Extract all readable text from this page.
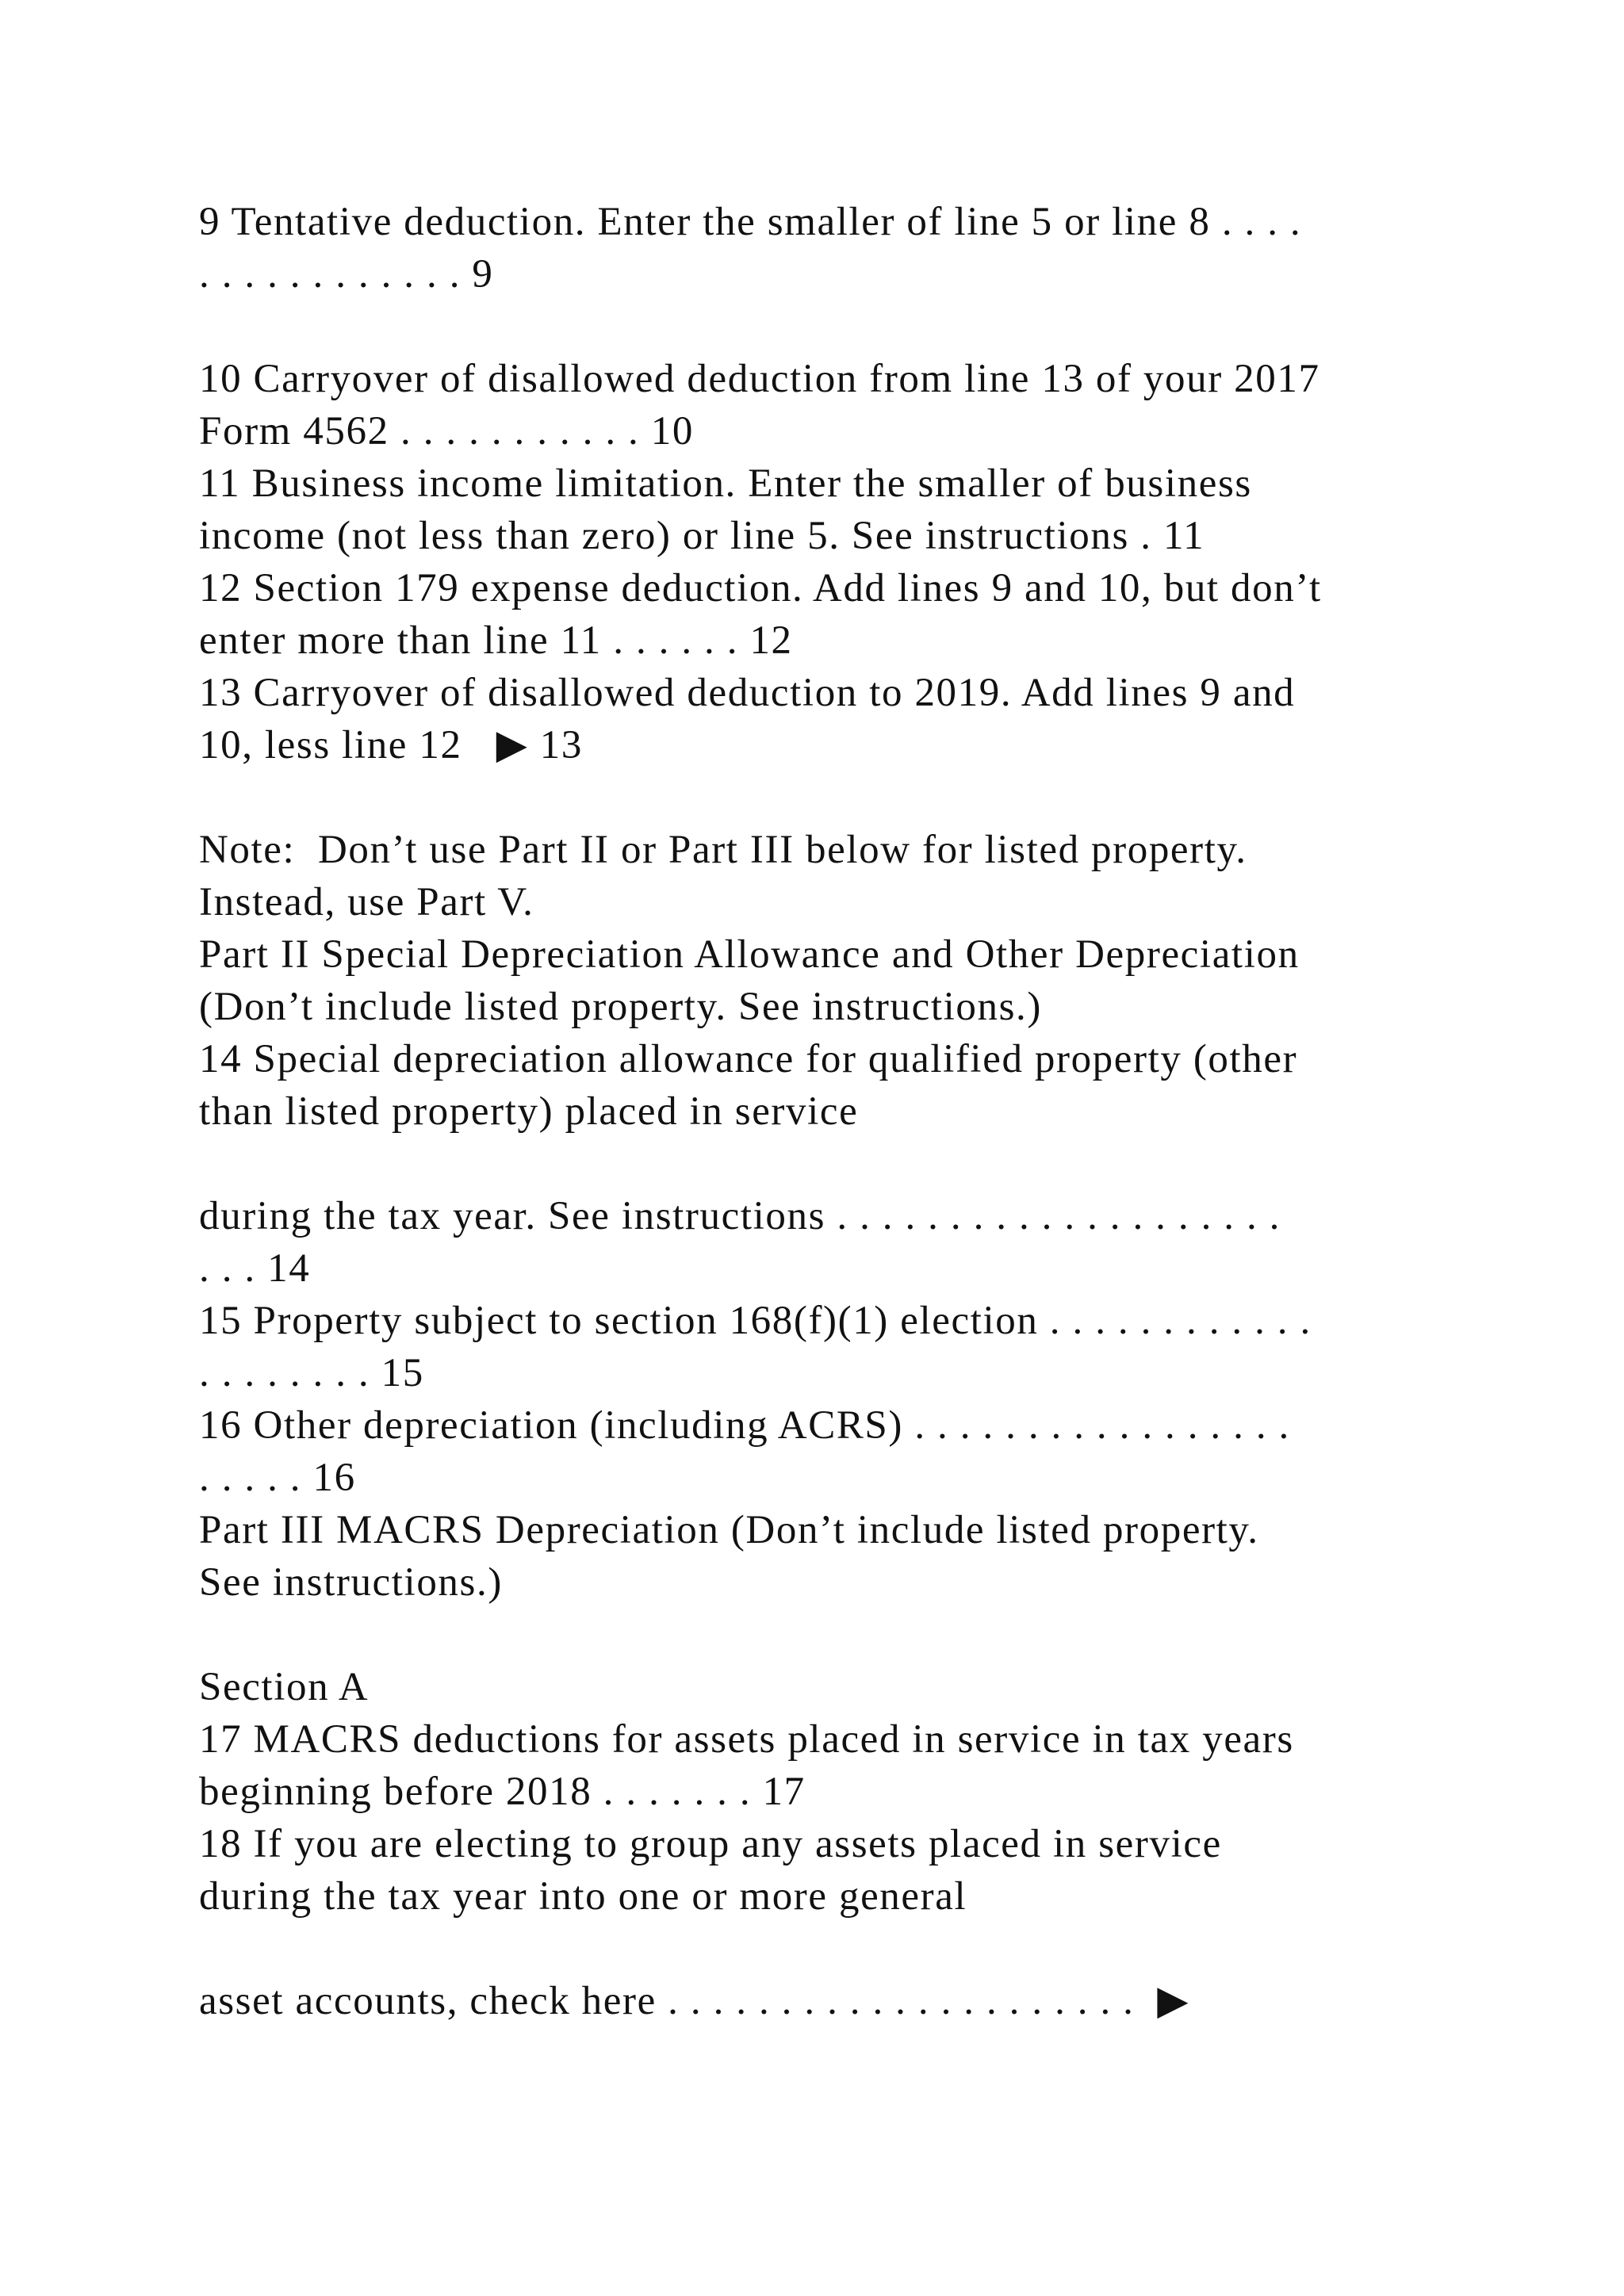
9 Tentative deduction. Enter the smaller of line 5 or line 8 . . . .
. . . . . . . . . . . . 9
10 Carryover of disallowed deduction from line 13 of your 2017
Form 4562 . . . . . . . . . . . 10
11 Business income limitation. Enter the smaller of business
income (not less than zero) or line 5. See instructions . 11
12 Section 179 expense deduction. Add lines 9 and 10, but don’t
enter more than line 11 . . . . . . 12
13 Carryover of disallowed deduction to 2019. Add lines 9 and
10, less line 12   ▶ 13
Note:  Don’t use Part II or Part III below for listed property.
Instead, use Part V.
Part II Special Depreciation Allowance and Other Depreciation
(Don’t include listed property. See instructions.)
14 Special depreciation allowance for qualified property (other
than listed property) placed in service
during the tax year. See instructions . . . . . . . . . . . . . . . . . . . .
. . . 14
15 Property subject to section 168(f)(1) election . . . . . . . . . . . .
. . . . . . . . 15
16 Other depreciation (including ACRS) . . . . . . . . . . . . . . . . .
. . . . . 16
Part III MACRS Depreciation (Don’t include listed property.
See instructions.)
Section A
17 MACRS deductions for assets placed in service in tax years
beginning before 2018 . . . . . . . 17
18 If you are electing to group any assets placed in service
during the tax year into one or more general
asset accounts, check here . . . . . . . . . . . . . . . . . . . . .  ▶
